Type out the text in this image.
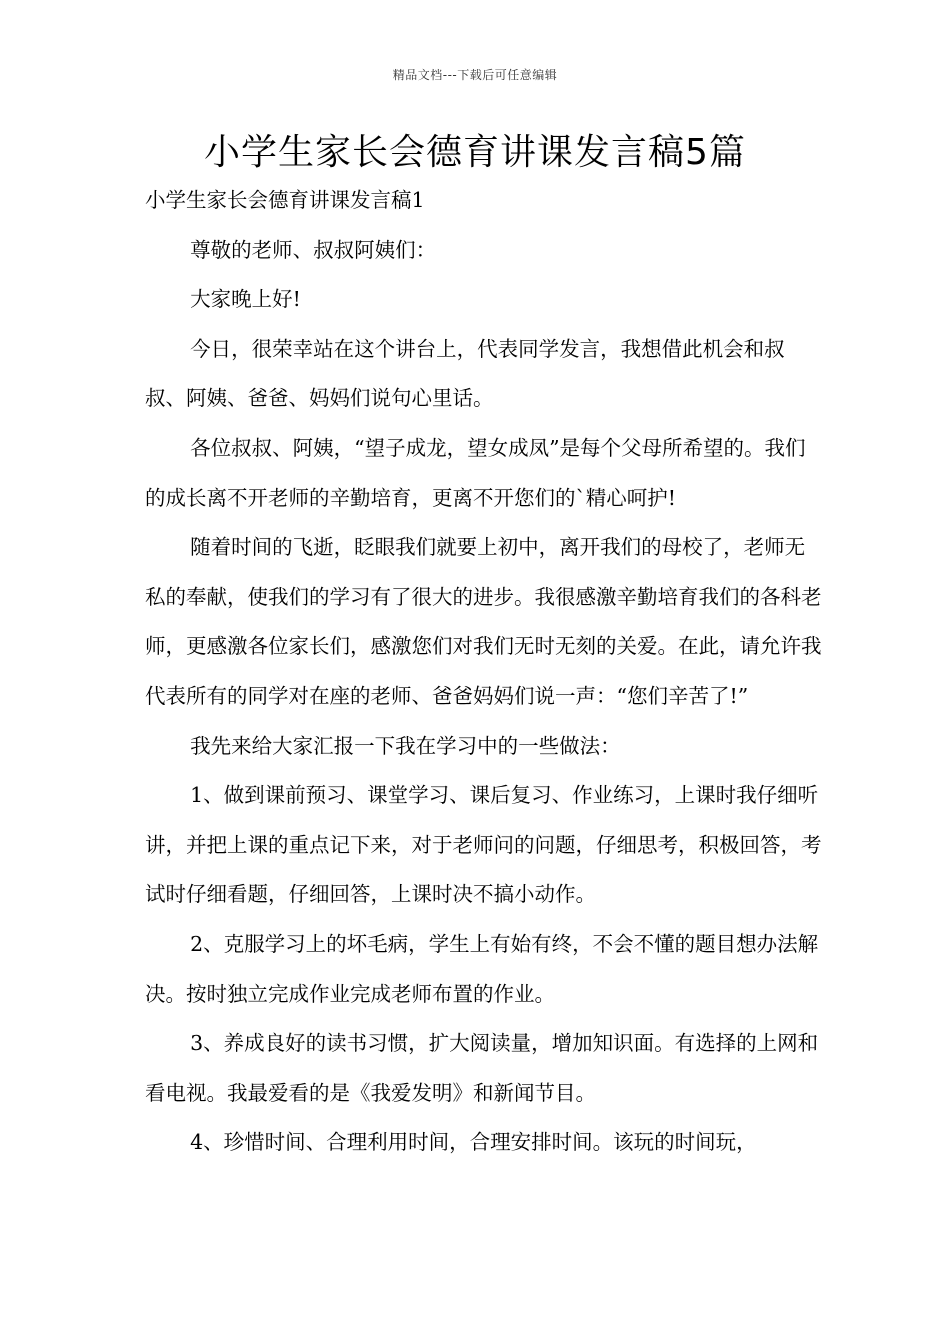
精品文档---下载后可任意编辑
小学生家长会德育讲课发言稿5篇

小学生家长会德育讲课发言稿1

尊敬的老师、叔叔阿姨们：

大家晚上好!

今日，很荣幸站在这个讲台上，代表同学发言，我想借此机会和叔叔、阿姨、爸爸、妈妈们说句心里话。

各位叔叔、阿姨，“望子成龙，望女成凤”是每个父母所希望的。我们的成长离不开老师的辛勤培育，更离不开您们的`精心呵护!

随着时间的飞逝，眨眼我们就要上初中，离开我们的母校了，老师无私的奉献，使我们的学习有了很大的进步。我很感激辛勤培育我们的各科老师，更感激各位家长们，感激您们对我们无时无刻的关爱。在此，请允许我代表所有的同学对在座的老师、爸爸妈妈们说一声：“您们辛苦了!”

我先来给大家汇报一下我在学习中的一些做法：

1、做到课前预习、课堂学习、课后复习、作业练习，上课时我仔细听讲，并把上课的重点记下来，对于老师问的问题，仔细思考，积极回答，考试时仔细看题，仔细回答，上课时决不搞小动作。

2、克服学习上的坏毛病，学生上有始有终，不会不懂的题目想办法解决。按时独立完成作业完成老师布置的作业。

3、养成良好的读书习惯，扩大阅读量，增加知识面。有选择的上网和看电视。我最爱看的是《我爱发明》和新闻节目。

4、珍惜时间、合理利用时间，合理安排时间。该玩的时间玩，
